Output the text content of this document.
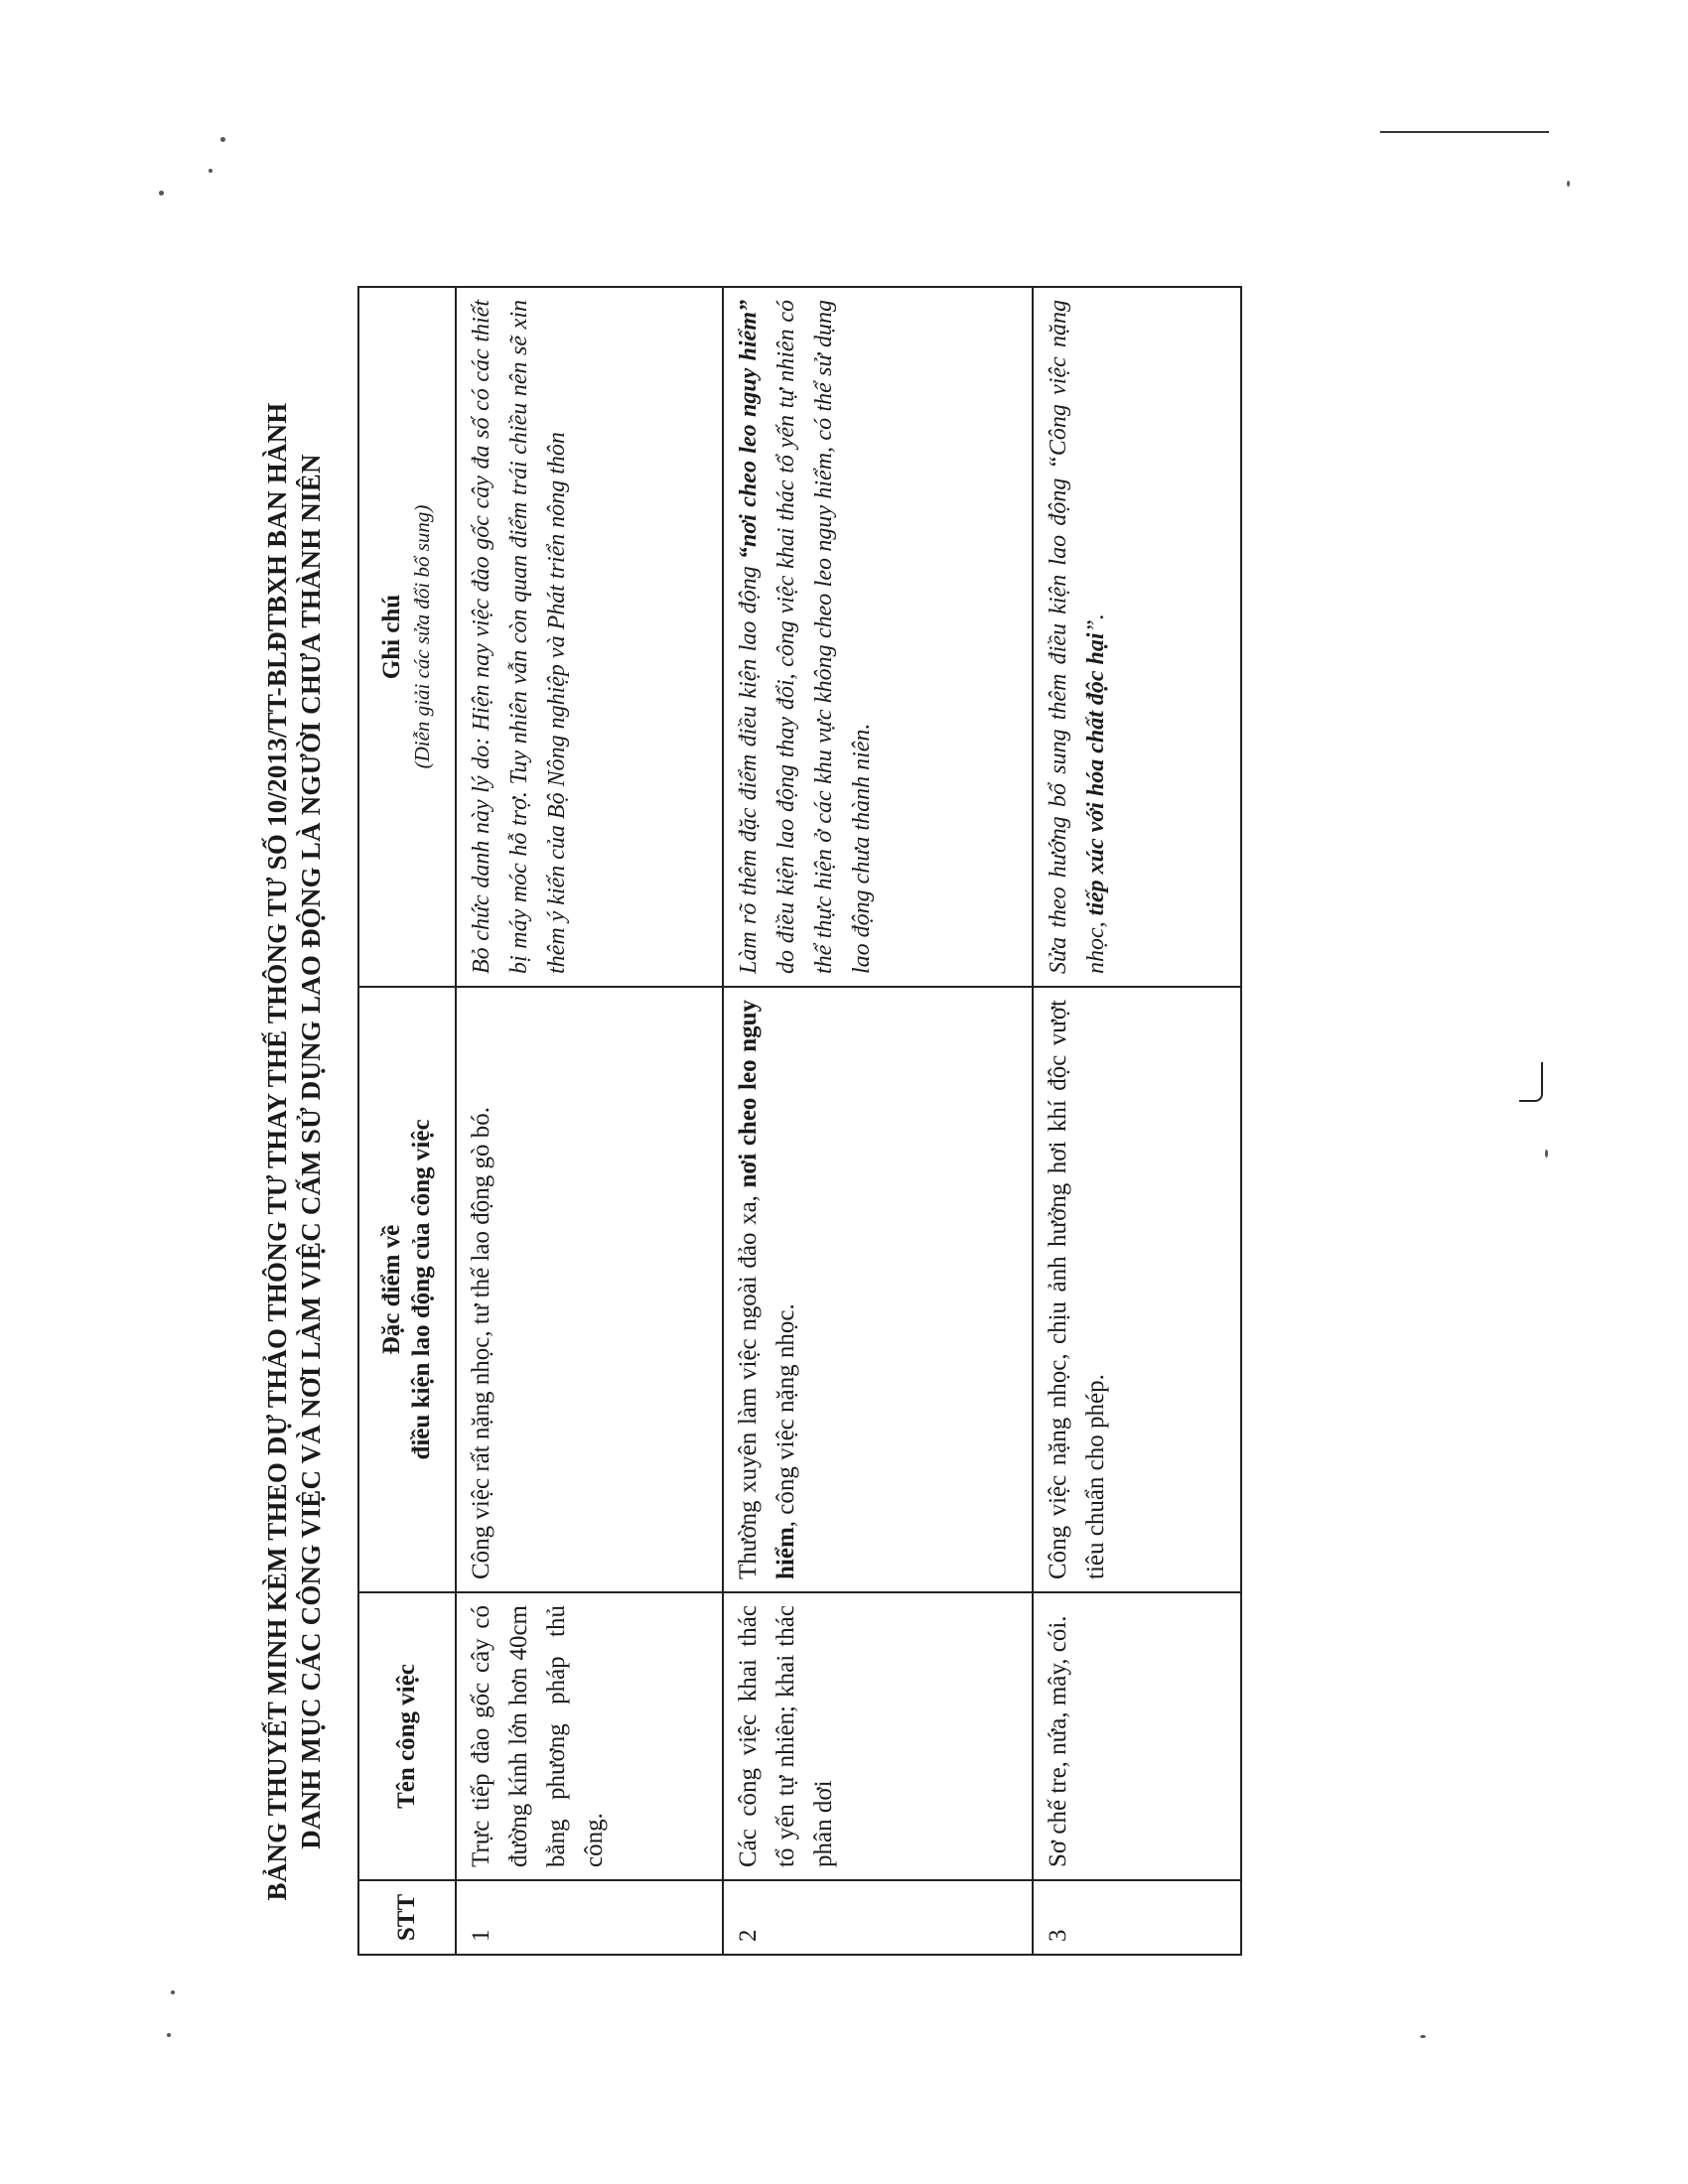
BẢNG THUYẾT MINH KÈM THEO DỰ THẢO THÔNG TƯ THAY THẾ THÔNG TƯ SỐ 10/2013/TT-BLĐTBXH BAN HÀNH DANH MỤC CÁC CÔNG VIỆC VÀ NƠI LÀM VIỆC CẤM SỬ DỤNG LAO ĐỘNG LÀ NGƯỜI CHƯA THÀNH NIÊN
STT	Tên công việc	Đặc điểm về điều kiện lao động của công việc	Ghi chú (Diễn giải các sửa đổi bổ sung)

1	Trực tiếp đào gốc cây có đường kính lớn hơn 40cm bằng phương pháp thủ công.	Công việc rất nặng nhọc, tư thế lao động gò bó.	Bỏ chức danh này lý do: Hiện nay việc đào gốc cây đa số có các thiết bị máy móc hỗ trợ. Tuy nhiên vẫn còn quan điểm trái chiều nên sẽ xin thêm ý kiến của Bộ Nông nghiệp và Phát triển nông thôn
2	Các công việc khai thác tổ yến tự nhiên; khai thác phân dơi	Thường xuyên làm việc ngoài đảo xa, nơi cheo leo nguy hiểm, công việc nặng nhọc.	Làm rõ thêm đặc điểm điều kiện lao động “nơi cheo leo nguy hiểm” do điều kiện lao động thay đổi, công việc khai thác tổ yến tự nhiên có thể thực hiện ở các khu vực không cheo leo nguy hiểm, có thể sử dụng lao động chưa thành niên.
3	Sơ chế tre, nứa, mây, cói.	Công việc nặng nhọc, chịu ảnh hưởng hơi khí độc vượt tiêu chuẩn cho phép.	Sửa theo hướng bổ sung thêm điều kiện lao động “Công việc nặng nhọc, tiếp xúc với hóa chất độc hại”.
